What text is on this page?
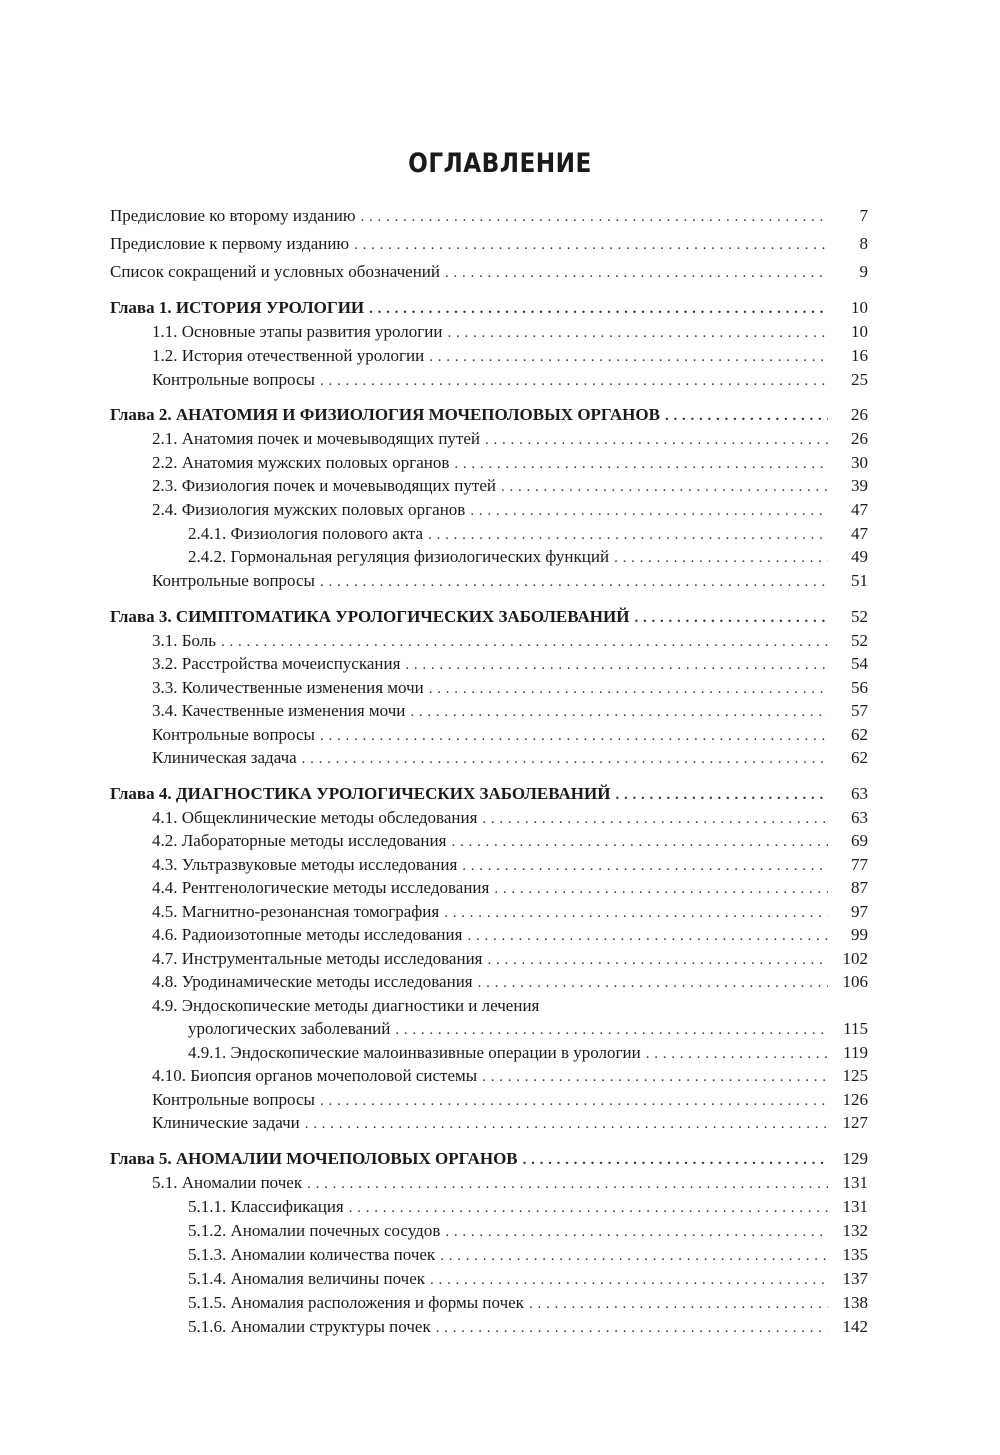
ОГЛАВЛЕНИЕ
Предисловие ко второму изданию . . .	7
Предисловие к первому изданию . . .	8
Список сокращений и условных обозначений . . .	9
Глава 1. ИСТОРИЯ УРОЛОГИИ . . .	10
1.1. Основные этапы развития урологии . . .	10
1.2. История отечественной урологии . . .	16
Контрольные вопросы . . .	25
Глава 2. АНАТОМИЯ И ФИЗИОЛОГИЯ МОЧЕПОЛОВЫХ ОРГАНОВ . . .	26
2.1. Анатомия почек и мочевыводящих путей . . .	26
2.2. Анатомия мужских половых органов . . .	30
2.3. Физиология почек и мочевыводящих путей . . .	39
2.4. Физиология мужских половых органов . . .	47
2.4.1. Физиология полового акта . . .	47
2.4.2. Гормональная регуляция физиологических функций . . .	49
Контрольные вопросы . . .	51
Глава 3. СИМПТОМАТИКА УРОЛОГИЧЕСКИХ ЗАБОЛЕВАНИЙ . . .	52
3.1. Боль . . .	52
3.2. Расстройства мочеиспускания . . .	54
3.3. Количественные изменения мочи . . .	56
3.4. Качественные изменения мочи . . .	57
Контрольные вопросы . . .	62
Клиническая задача . . .	62
Глава 4. ДИАГНОСТИКА УРОЛОГИЧЕСКИХ ЗАБОЛЕВАНИЙ . . .	63
4.1. Общеклинические методы обследования . . .	63
4.2. Лабораторные методы исследования . . .	69
4.3. Ультразвуковые методы исследования . . .	77
4.4. Рентгенологические методы исследования . . .	87
4.5. Магнитно-резонансная томография . . .	97
4.6. Радиоизотопные методы исследования . . .	99
4.7. Инструментальные методы исследования . . .	102
4.8. Уродинамические методы исследования . . .	106
4.9. Эндоскопические методы диагностики и лечения
урологических заболеваний . . .	115
4.9.1. Эндоскопические малоинвазивные операции в урологии . . .	119
4.10. Биопсия органов мочеполовой системы . . .	125
Контрольные вопросы . . .	126
Клинические задачи . . .	127
Глава 5. АНОМАЛИИ МОЧЕПОЛОВЫХ ОРГАНОВ . . .	129
5.1. Аномалии почек . . .	131
5.1.1. Классификация . . .	131
5.1.2. Аномалии почечных сосудов . . .	132
5.1.3. Аномалии количества почек . . .	135
5.1.4. Аномалия величины почек . . .	137
5.1.5. Аномалия расположения и формы почек . . .	138
5.1.6. Аномалии структуры почек . . .	142
